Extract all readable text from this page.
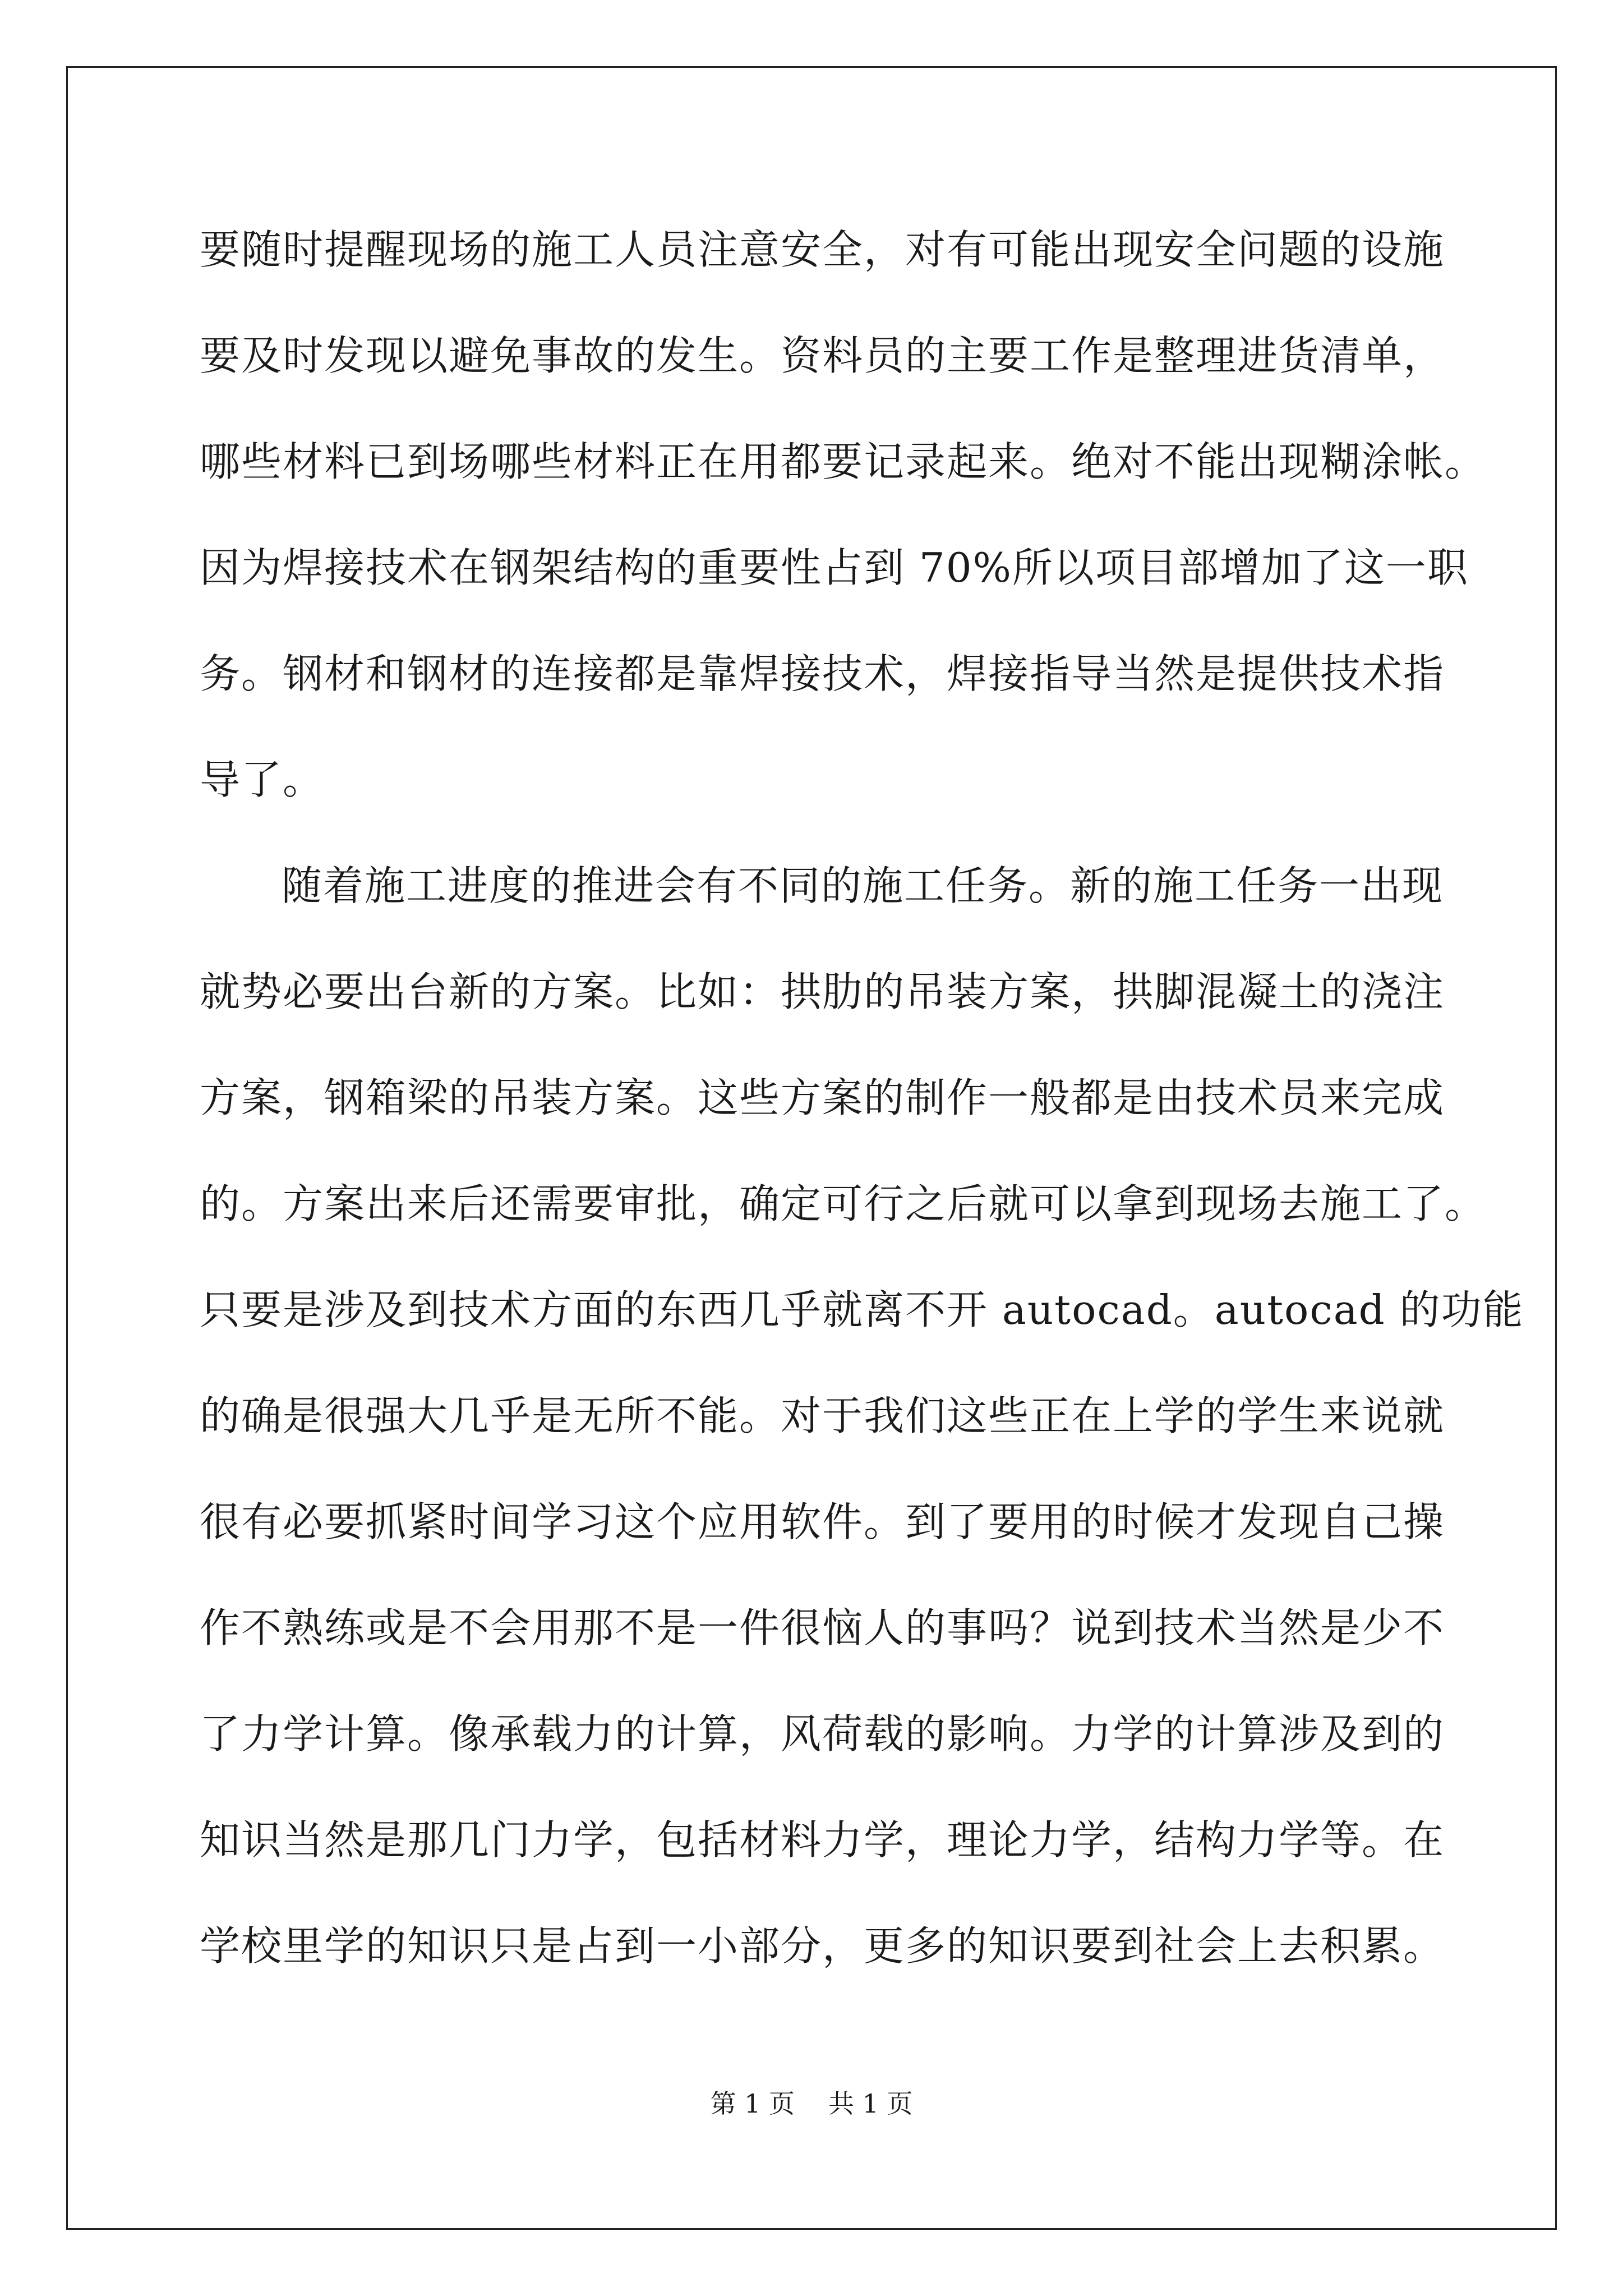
要随时提醒现场的施工人员注意安全，对有可能出现安全问题的设施
要及时发现以避免事故的发生。资料员的主要工作是整理进货清单，
哪些材料已到场哪些材料正在用都要记录起来。绝对不能出现糊涂帐。
因为焊接技术在钢架结构的重要性占到 70%所以项目部增加了这一职
务。钢材和钢材的连接都是靠焊接技术，焊接指导当然是提供技术指
导了。
随着施工进度的推进会有不同的施工任务。新的施工任务一出现
就势必要出台新的方案。比如：拱肋的吊装方案，拱脚混凝土的浇注
方案，钢箱梁的吊装方案。这些方案的制作一般都是由技术员来完成
的。方案出来后还需要审批，确定可行之后就可以拿到现场去施工了。
只要是涉及到技术方面的东西几乎就离不开 autocad。autocad 的功能
的确是很强大几乎是无所不能。对于我们这些正在上学的学生来说就
很有必要抓紧时间学习这个应用软件。到了要用的时候才发现自己操
作不熟练或是不会用那不是一件很恼人的事吗？说到技术当然是少不
了力学计算。像承载力的计算，风荷载的影响。力学的计算涉及到的
知识当然是那几门力学，包括材料力学，理论力学，结构力学等。在
学校里学的知识只是占到一小部分，更多的知识要到社会上去积累。
第 1 页 共 1 页
